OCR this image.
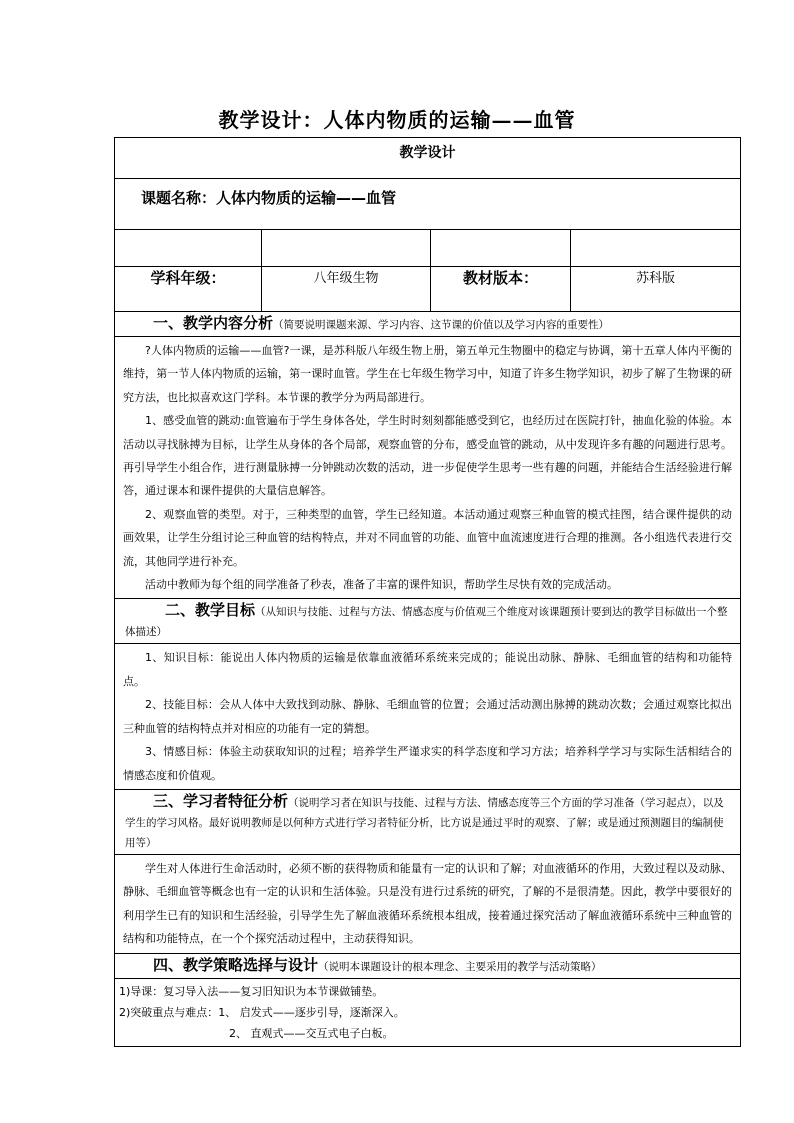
教学设计：人体内物质的运输——血管
教学设计			
课题名称：人体内物质的运输——血管			

学科年级：	八年级生物	教材版本：	苏科版
一、教学内容分析（简要说明课题来源、学习内容、这节课的价值以及学习内容的重要性）			

?人体内物质的运输——血管?一课，是苏科版八年级生物上册，第五单元生物圈中的稳定与协调，第十五章人体内平衡的维持，第一节人体内物质的运输，第一课时血管。学生在七年级生物学习中，知道了许多生物学知识，初步了解了生物课的研究方法，也比拟喜欢这门学科。本节课的教学分为两局部进行。

1、感受血管的跳动:血管遍布于学生身体各处，学生时时刻刻都能感受到它，也经历过在医院打针，抽血化验的体验。本活动以寻找脉搏为目标，让学生从身体的各个局部，观察血管的分布，感受血管的跳动，从中发现许多有趣的问题进行思考。再引导学生小组合作，进行测量脉搏一分钟跳动次数的活动，进一步促使学生思考一些有趣的问题，并能结合生活经验进行解答，通过课本和课件提供的大量信息解答。

2、观察血管的类型。对于，三种类型的血管，学生已经知道。本活动通过观察三种血管的模式挂图，结合课件提供的动画效果，让学生分组讨论三种血管的结构特点，并对不同血管的功能、血管中血流速度进行合理的推测。各小组选代表进行交流，其他同学进行补充。

活动中教师为每个组的同学准备了秒表，准备了丰富的课件知识，帮助学生尽快有效的完成活动。			

二、教学目标（从知识与技能、过程与方法、情感态度与价值观三个维度对该课题预计要到达的教学目标做出一个整体描述）			

1、知识目标：能说出人体内物质的运输是依靠血液循环系统来完成的；能说出动脉、静脉、毛细血管的结构和功能特点。

2、技能目标：会从人体中大致找到动脉、静脉、毛细血管的位置；会通过活动测出脉搏的跳动次数；会通过观察比拟出三种血管的结构特点并对相应的功能有一定的猜想。

3、情感目标：体验主动获取知识的过程；培养学生严谨求实的科学态度和学习方法；培养科学学习与实际生活相结合的情感态度和价值观。			

三、学习者特征分析（说明学习者在知识与技能、过程与方法、情感态度等三个方面的学习准备（学习起点），以及学生的学习风格。最好说明教师是以何种方式进行学习者特征分析，比方说是通过平时的观察、了解；或是通过预测题目的编制使用等）			

学生对人体进行生命活动时，必须不断的获得物质和能量有一定的认识和了解；对血液循环的作用，大致过程以及动脉、静脉、毛细血管等概念也有一定的认识和生活体验。只是没有进行过系统的研究，了解的不是很清楚。因此，教学中要很好的利用学生已有的知识和生活经验，引导学生先了解血液循环系统根本组成，接着通过探究活动了解血液循环系统中三种血管的结构和功能特点，在一个个探究活动过程中，主动获得知识。			

四、教学策略选择与设计（说明本课题设计的根本理念、主要采用的教学与活动策略）			

1)导课：复习导入法——复习旧知识为本节课做铺垫。

2)突破重点与难点：1、 启发式——逐步引导，逐渐深入。

2、 直观式——交互式电子白板。			
